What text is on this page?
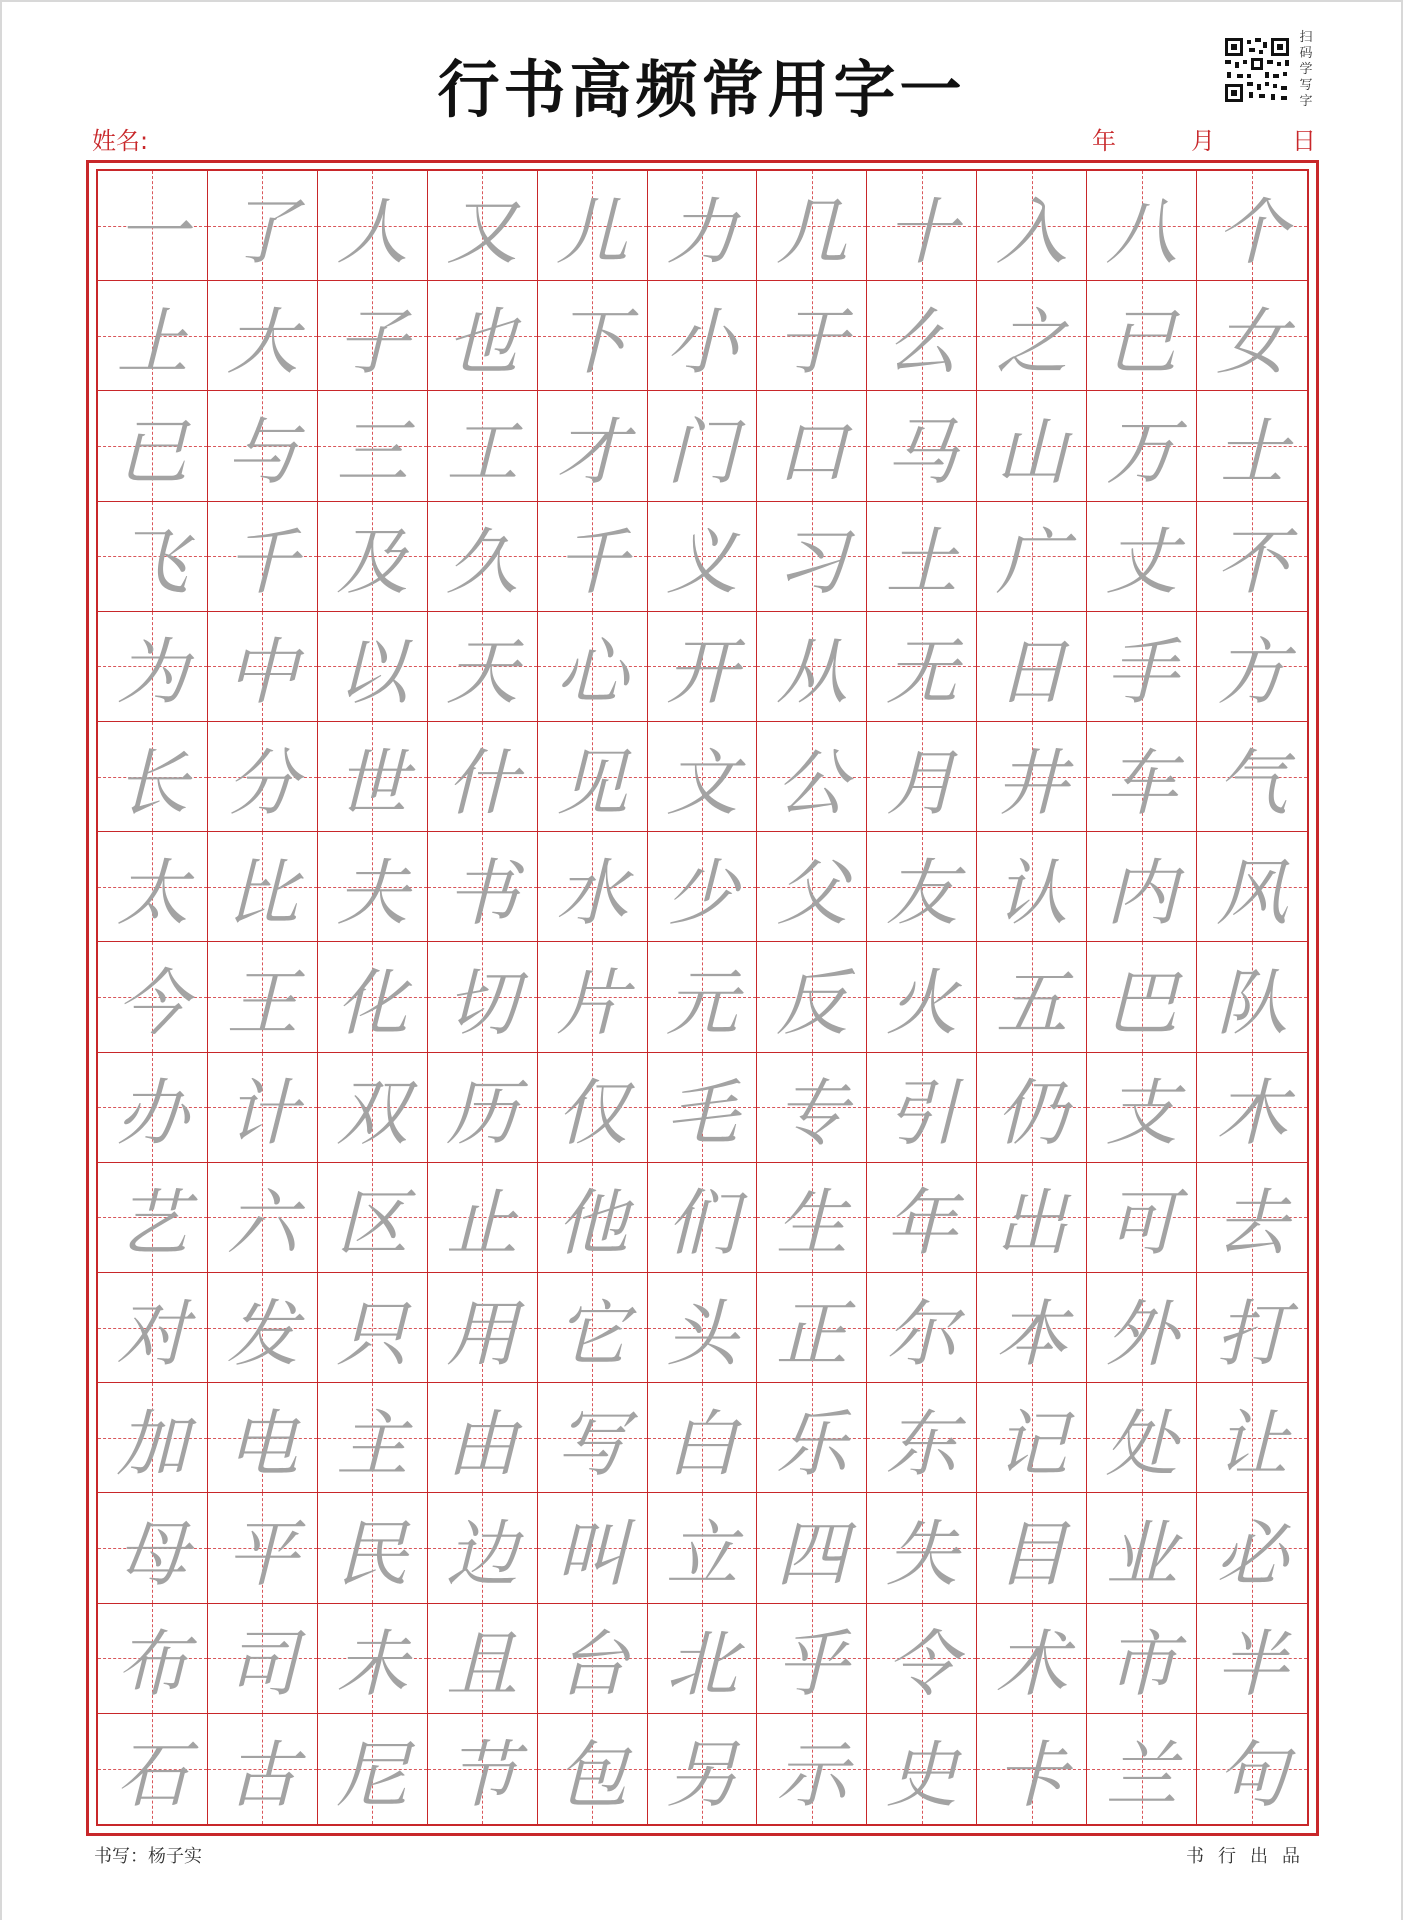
行书高频常用字一
扫码学写字
姓名:	年	月	日
一 了 人 又 儿 力 几 十 入 八 个
上 大 子 也 下 小 于 么 之 已 女
已 与 三 工 才 门 口 马 山 万 士
飞 千 及 久 千 义 习 土 广 丈 不
为 中 以 天 心 开 从 无 日 手 方
长 分 世 什 见 文 公 月 井 车 气
太 比 夫 书 水 少 父 友 认 内 风
今 王 化 切 片 元 反 火 五 巴 队
办 计 双 历 仅 毛 专 引 仍 支 木
艺 六 区 止 他 们 生 年 出 可 去
对 发 只 用 它 头 正 尔 本 外 打
加 电 主 由 写 白 乐 东 记 处 让
母 平 民 边 叫 立 四 失 目 业 必
布 司 未 且 台 北 乎 令 术 市 半
石 古 尼 节 包 另 示 史 卡 兰 句
书写：杨子实	书行出品
